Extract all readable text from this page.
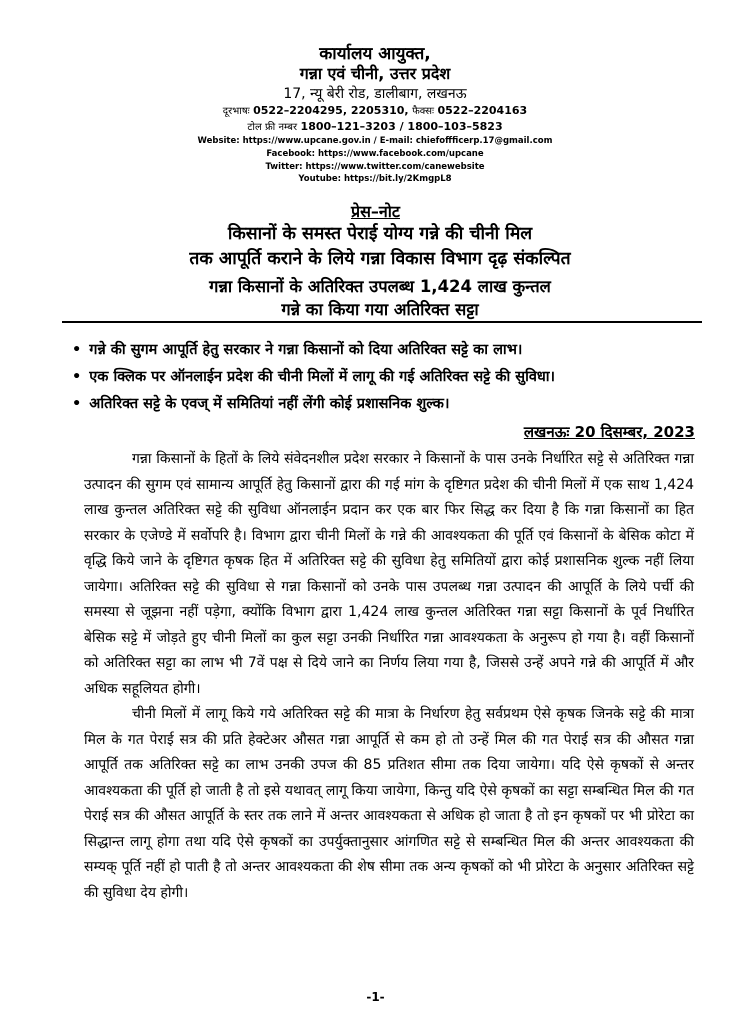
कार्यालय आयुक्त,

गन्ना एवं चीनी, उत्तर प्रदेश

17, न्यू बेरी रोड, डालीबाग, लखनऊ

दूरभाषः 0522–2204295, 2205310, फैक्सः 0522–2204163

टोल फ्री नम्बर 1800–121–3203 / 1800–103–5823

Website: https://www.upcane.gov.in / E-mail: chiefoffficerp.17@gmail.com

Facebook: https://www.facebook.com/upcane

Twitter: https://www.twitter.com/canewebsite

Youtube: https://bit.ly/2KmgpL8

प्रेस–नोट

किसानों के समस्त पेराई योग्य गन्ने की चीनी मिल
तक आपूर्ति कराने के लिये गन्ना विकास विभाग दृढ़ संकल्पित
गन्ना किसानों के अतिरिक्त उपलब्ध 1,424 लाख कुन्तल
गन्ने का किया गया अतिरिक्त सट्टा
• गन्ने की सुगम आपूर्ति हेतु सरकार ने गन्ना किसानों को दिया अतिरिक्त सट्टे का लाभ।
• एक क्लिक पर ऑनलाईन प्रदेश की चीनी मिलों में लागू की गई अतिरिक्त सट्टे की सुविधा।
• अतिरिक्त सट्टे के एवज् में समितियां नहीं लेंगी कोई प्रशासनिक शुल्क।

लखनऊः 20 दिसम्बर, 2023

गन्ना किसानों के हितों के लिये संवेदनशील प्रदेश सरकार ने किसानों के पास उनके निर्धारित सट्टे से अतिरिक्त गन्ना उत्पादन की सुगम एवं सामान्य आपूर्ति हेतु किसानों द्वारा की गई मांग के दृष्टिगत प्रदेश की चीनी मिलों में एक साथ 1,424 लाख कुन्तल अतिरिक्त सट्टे की सुविधा ऑनलाईन प्रदान कर एक बार फिर सिद्ध कर दिया है कि गन्ना किसानों का हित सरकार के एजेण्डे में सर्वोपरि है। विभाग द्वारा चीनी मिलों के गन्ने की आवश्यकता की पूर्ति एवं किसानों के बेसिक कोटा में वृद्धि किये जाने के दृष्टिगत कृषक हित में अतिरिक्त सट्टे की सुविधा हेतु समितियों द्वारा कोई प्रशासनिक शुल्क नहीं लिया जायेगा। अतिरिक्त सट्टे की सुविधा से गन्ना किसानों को उनके पास उपलब्ध गन्ना उत्पादन की आपूर्ति के लिये पर्ची की समस्या से जूझना नहीं पड़ेगा, क्योंकि विभाग द्वारा 1,424 लाख कुन्तल अतिरिक्त गन्ना सट्टा किसानों के पूर्व निर्धारित बेसिक सट्टे में जोड़ते हुए चीनी मिलों का कुल सट्टा उनकी निर्धारित गन्ना आवश्यकता के अनुरूप हो गया है। वहीं किसानों को अतिरिक्त सट्टा का लाभ भी 7वें पक्ष से दिये जाने का निर्णय लिया गया है, जिससे उन्हें अपने गन्ने की आपूर्ति में और अधिक सहूलियत होगी।

चीनी मिलों में लागू किये गये अतिरिक्त सट्टे की मात्रा के निर्धारण हेतु सर्वप्रथम ऐसे कृषक जिनके सट्टे की मात्रा मिल के गत पेराई सत्र की प्रति हेक्टेअर औसत गन्ना आपूर्ति से कम हो तो उन्हें मिल की गत पेराई सत्र की औसत गन्ना आपूर्ति तक अतिरिक्त सट्टे का लाभ उनकी उपज की 85 प्रतिशत सीमा तक दिया जायेगा। यदि ऐसे कृषकों से अन्तर आवश्यकता की पूर्ति हो जाती है तो इसे यथावत् लागू किया जायेगा, किन्तु यदि ऐसे कृषकों का सट्टा सम्बन्धित मिल की गत पेराई सत्र की औसत आपूर्ति के स्तर तक लाने में अन्तर आवश्यकता से अधिक हो जाता है तो इन कृषकों पर भी प्रोरेटा का सिद्धान्त लागू होगा तथा यदि ऐसे कृषकों का उपर्युक्तानुसार आंगणित सट्टे से सम्बन्धित मिल की अन्तर आवश्यकता की सम्यक् पूर्ति नहीं हो पाती है तो अन्तर आवश्यकता की शेष सीमा तक अन्य कृषकों को भी प्रोरेटा के अनुसार अतिरिक्त सट्टे की सुविधा देय होगी।

-1-
